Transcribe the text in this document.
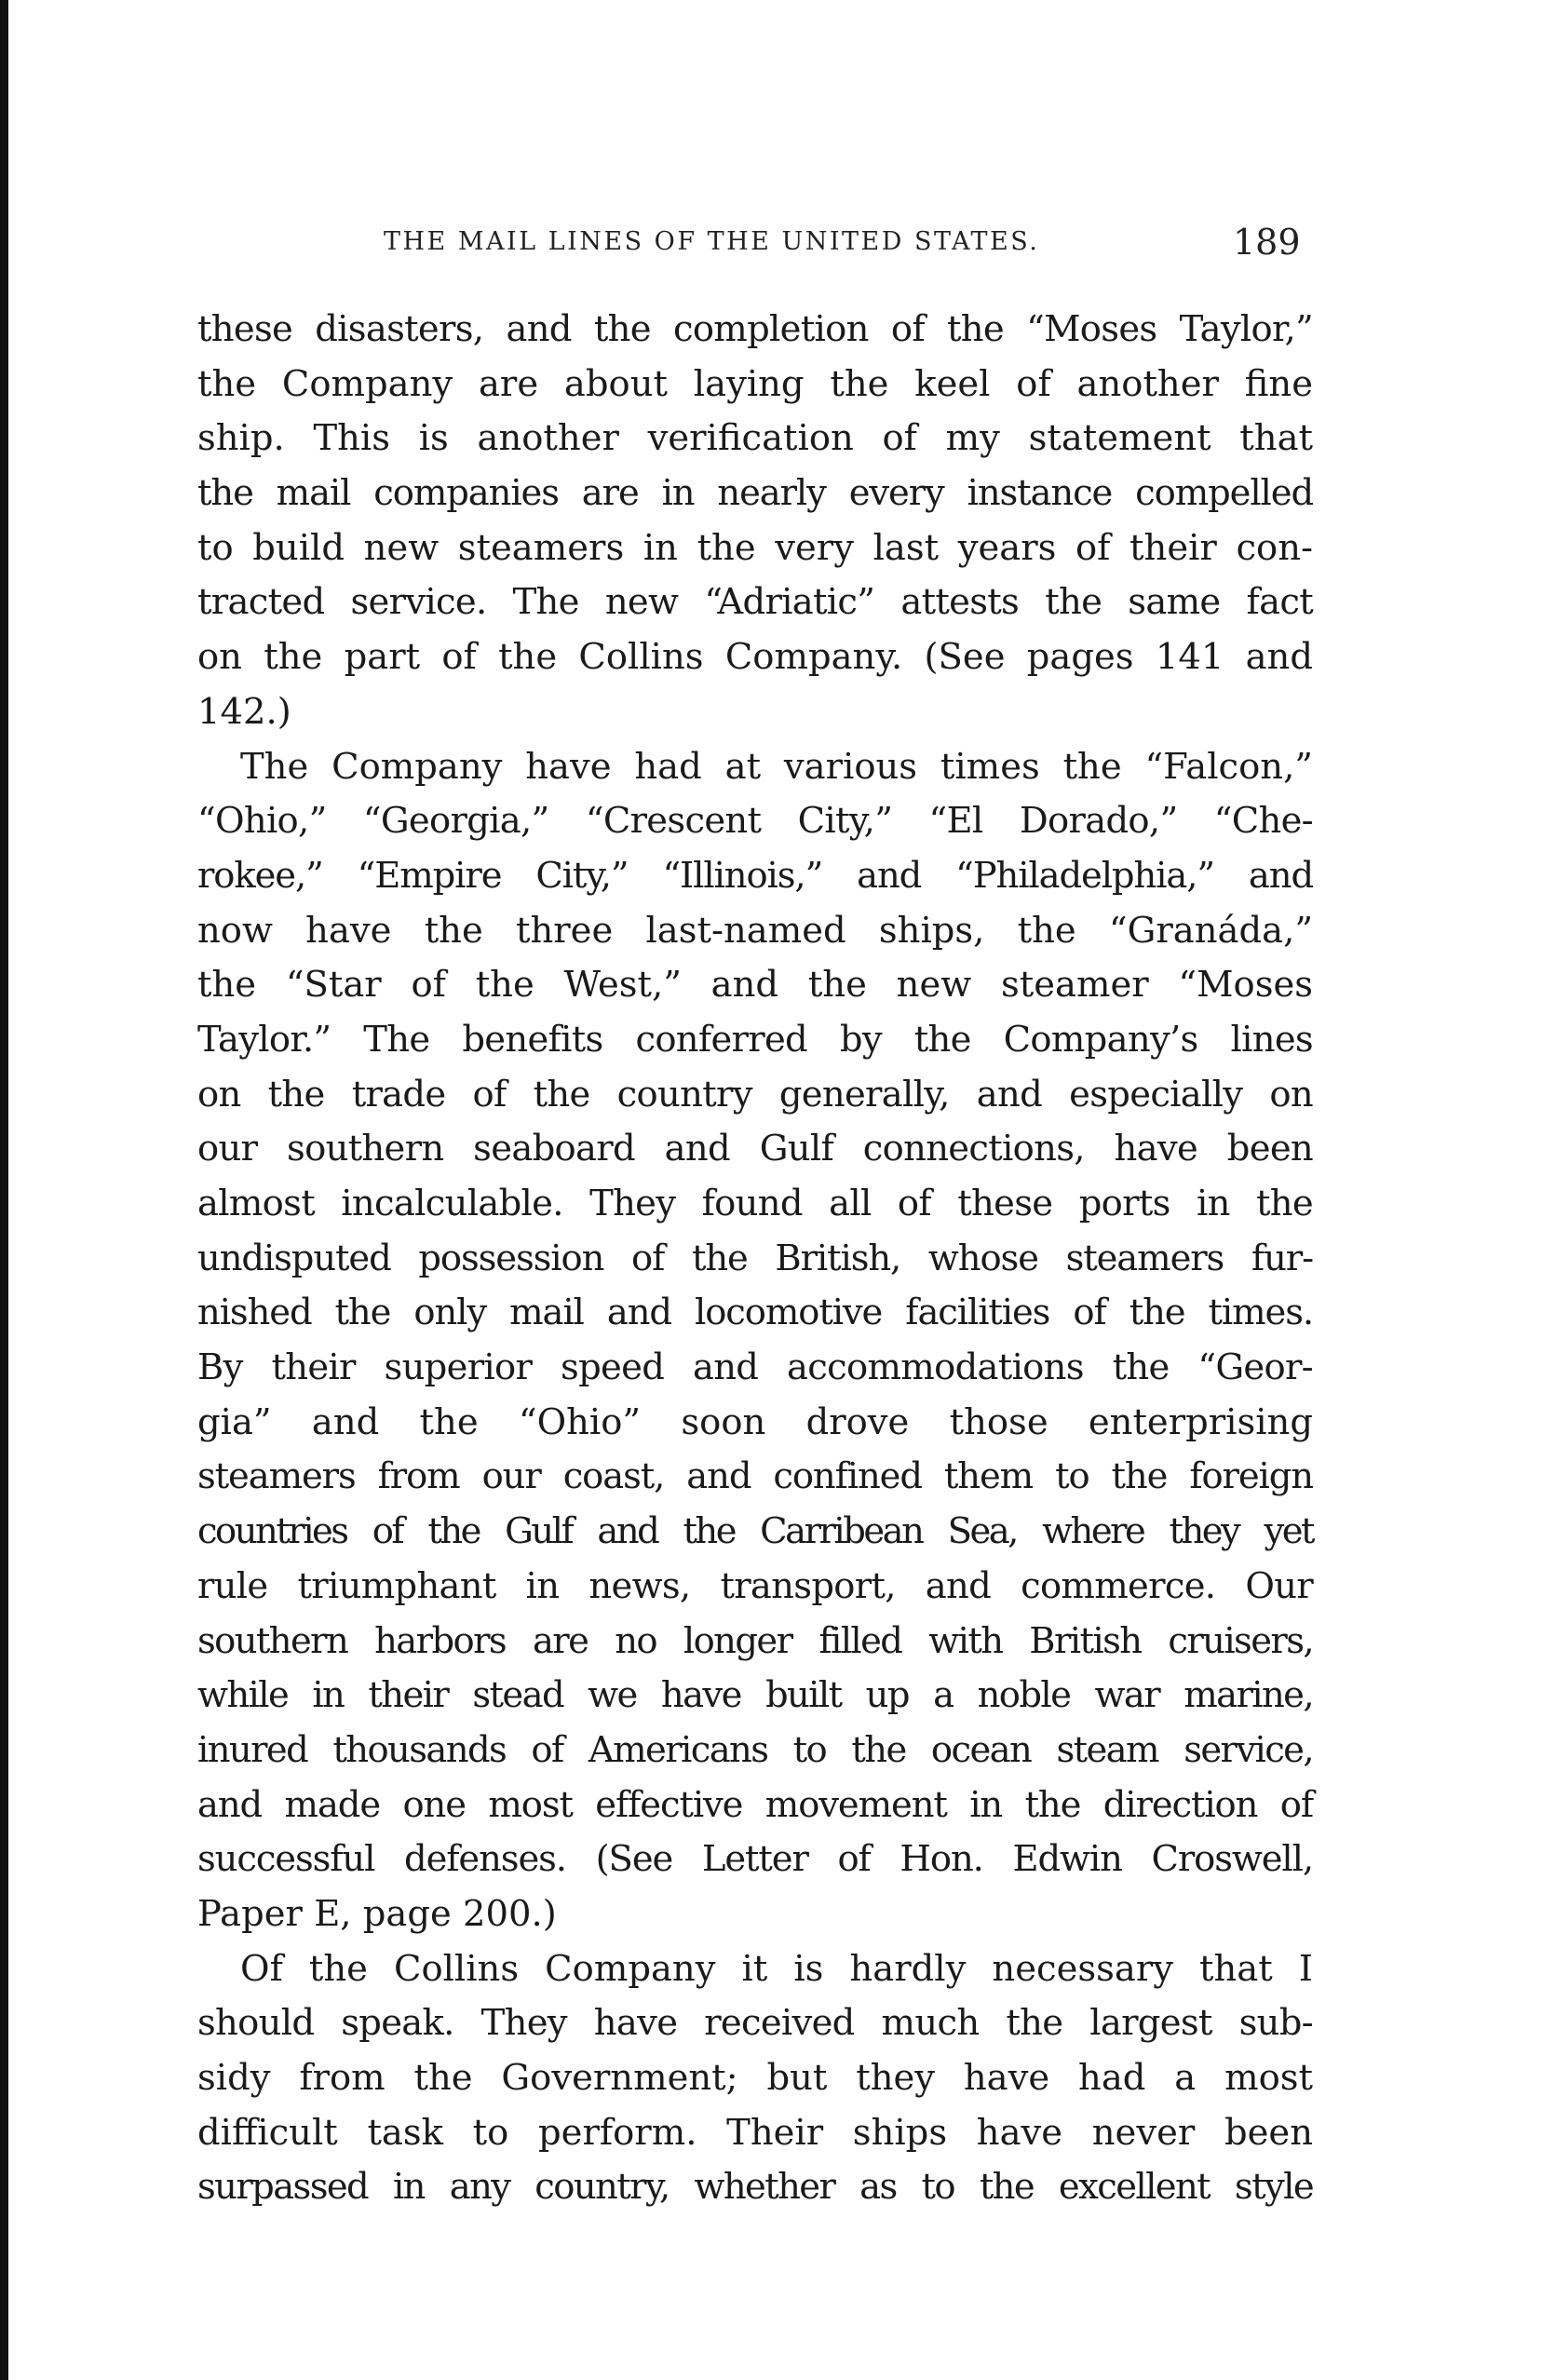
THE MAIL LINES OF THE UNITED STATES.	189
these disasters, and the completion of the “Moses Taylor,”
the Company are about laying the keel of another fine
ship. This is another verification of my statement that
the mail companies are in nearly every instance compelled
to build new steamers in the very last years of their con-
tracted service. The new “Adriatic” attests the same fact
on the part of the Collins Company. (See pages 141 and
142.)
The Company have had at various times the “Falcon,”
“Ohio,” “Georgia,” “Crescent City,” “El Dorado,” “Che-
rokee,” “Empire City,” “Illinois,” and “Philadelphia,” and
now have the three last-named ships, the “Granáda,”
the “Star of the West,” and the new steamer “Moses
Taylor.” The benefits conferred by the Company’s lines
on the trade of the country generally, and especially on
our southern seaboard and Gulf connections, have been
almost incalculable. They found all of these ports in the
undisputed possession of the British, whose steamers fur-
nished the only mail and locomotive facilities of the times.
By their superior speed and accommodations the “Geor-
gia” and the “Ohio” soon drove those enterprising
steamers from our coast, and confined them to the foreign
countries of the Gulf and the Carribean Sea, where they yet
rule triumphant in news, transport, and commerce. Our
southern harbors are no longer filled with British cruisers,
while in their stead we have built up a noble war marine,
inured thousands of Americans to the ocean steam service,
and made one most effective movement in the direction of
successful defenses. (See Letter of Hon. Edwin Croswell,
Paper E, page 200.)
Of the Collins Company it is hardly necessary that I
should speak. They have received much the largest sub-
sidy from the Government; but they have had a most
difficult task to perform. Their ships have never been
surpassed in any country, whether as to the excellent style
